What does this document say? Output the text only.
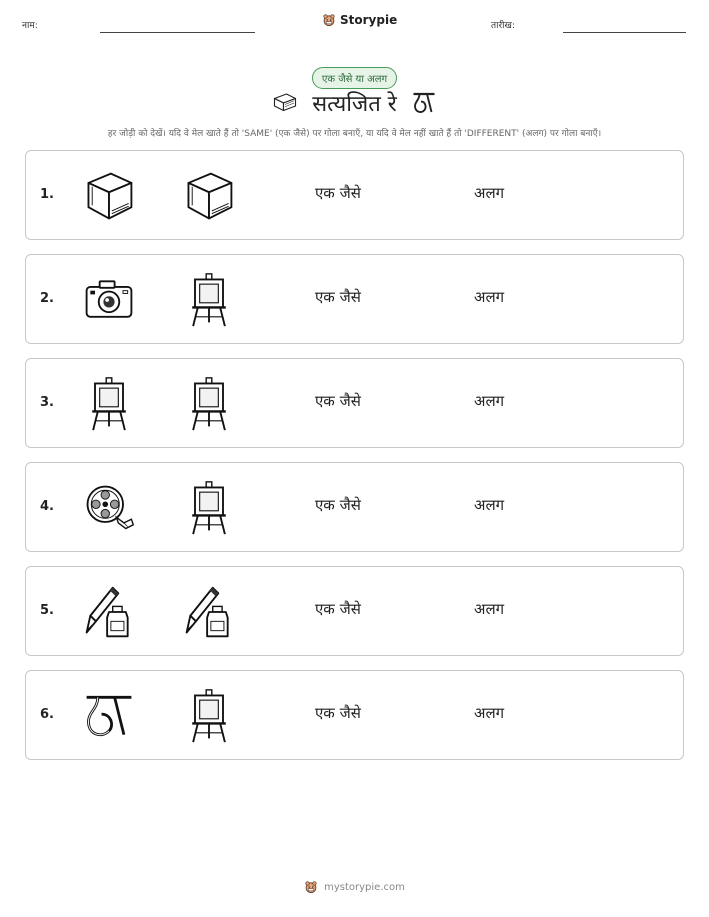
नाम:	Storypie	तारीख:
एक जैसे या अलग
सत्यजित रे
हर जोड़ी को देखें। यदि वे मेल खाते हैं तो 'SAME' (एक जैसे) पर गोला बनाएँ, या यदि वे मेल नहीं खाते हैं तो 'DIFFERENT' (अलग) पर गोला बनाएँ।
1.	एक जैसे	अलग
2.	एक जैसे	अलग
3.	एक जैसे	अलग
4.	एक जैसे	अलग
5.	एक जैसे	अलग
6.	एक जैसे	अलग
mystorypie.com
